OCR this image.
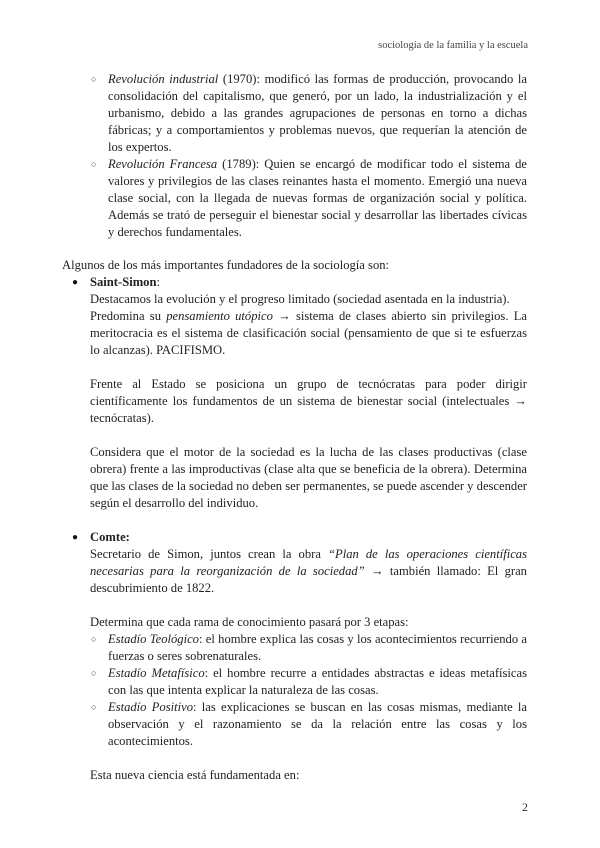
sociología de la familia y la escuela
○ Revolución industrial (1970): modificó las formas de producción, provocando la consolidación del capitalismo, que generó, por un lado, la industrialización y el urbanismo, debido a las grandes agrupaciones de personas en torno a dichas fábricas; y a comportamientos y problemas nuevos, que requerían la atención de los expertos.
○ Revolución Francesa (1789): Quien se encargó de modificar todo el sistema de valores y privilegios de las clases reinantes hasta el momento. Emergió una nueva clase social, con la llegada de nuevas formas de organización social y política. Además se trató de perseguir el bienestar social y desarrollar las libertades cívicas y derechos fundamentales.

Algunos de los más importantes fundadores de la sociología son:

● Saint-Simon:

Destacamos la evolución y el progreso limitado (sociedad asentada en la industria).

Predomina su pensamiento utópico → sistema de clases abierto sin privilegios. La meritocracia es el sistema de clasificación social (pensamiento de que si te esfuerzas lo alcanzas). PACIFISMO.

Frente al Estado se posiciona un grupo de tecnócratas para poder dirigir científicamente los fundamentos de un sistema de bienestar social (intelectuales → tecnócratas).

Considera que el motor de la sociedad es la lucha de las clases productivas (clase obrera) frente a las improductivas (clase alta que se beneficia de la obrera). Determina que las clases de la sociedad no deben ser permanentes, se puede ascender y descender según el desarrollo del individuo.

● Comte:

Secretario de Simon, juntos crean la obra “Plan de las operaciones científicas necesarias para la reorganización de la sociedad” → también llamado: El gran descubrimiento de 1822.

Determina que cada rama de conocimiento pasará por 3 etapas:

○ Estadío Teológico: el hombre explica las cosas y los acontecimientos recurriendo a fuerzas o seres sobrenaturales.
○ Estadío Metafísico: el hombre recurre a entidades abstractas e ideas metafísicas con las que intenta explicar la naturaleza de las cosas.
○ Estadío Positivo: las explicaciones se buscan en las cosas mismas, mediante la observación y el razonamiento se da la relación entre las cosas y los acontecimientos.

Esta nueva ciencia está fundamentada en:

2
